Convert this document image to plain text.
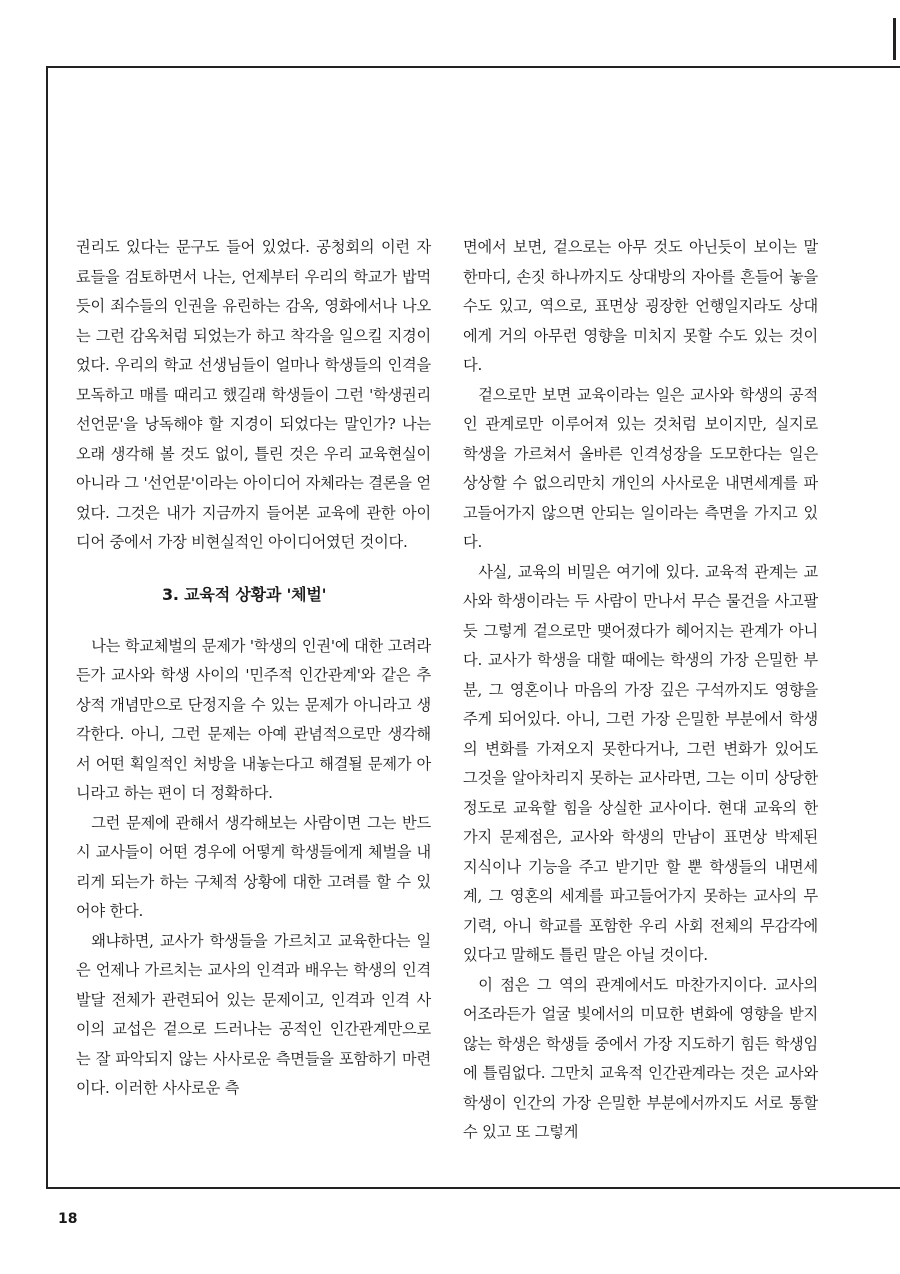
권리도 있다는 문구도 들어 있었다. 공청회의 이런 자료들을 검토하면서 나는, 언제부터 우리의 학교가 밥먹듯이 죄수들의 인권을 유린하는 감옥, 영화에서나 나오는 그런 감옥처럼 되었는가 하고 착각을 일으킬 지경이었다. 우리의 학교 선생님들이 얼마나 학생들의 인격을 모독하고 매를 때리고 했길래 학생들이 그런 '학생권리 선언문'을 낭독해야 할 지경이 되었다는 말인가? 나는 오래 생각해 볼 것도 없이, 틀린 것은 우리 교육현실이 아니라 그 '선언문'이라는 아이디어 자체라는 결론을 얻었다. 그것은 내가 지금까지 들어본 교육에 관한 아이디어 중에서 가장 비현실적인 아이디어였던 것이다.

3. 교육적 상황과 '체벌'

나는 학교체벌의 문제가 '학생의 인권'에 대한 고려라든가 교사와 학생 사이의 '민주적 인간관계'와 같은 추상적 개념만으로 단정지을 수 있는 문제가 아니라고 생각한다. 아니, 그런 문제는 아예 관념적으로만 생각해서 어떤 획일적인 처방을 내놓는다고 해결될 문제가 아니라고 하는 편이 더 정확하다.

그런 문제에 관해서 생각해보는 사람이면 그는 반드시 교사들이 어떤 경우에 어떻게 학생들에게 체벌을 내리게 되는가 하는 구체적 상황에 대한 고려를 할 수 있어야 한다.

왜냐하면, 교사가 학생들을 가르치고 교육한다는 일은 언제나 가르치는 교사의 인격과 배우는 학생의 인격발달 전체가 관련되어 있는 문제이고, 인격과 인격 사이의 교섭은 겉으로 드러나는 공적인 인간관계만으로는 잘 파악되지 않는 사사로운 측면들을 포함하기 마련이다. 이러한 사사로운 측

면에서 보면, 겉으로는 아무 것도 아닌듯이 보이는 말 한마디, 손짓 하나까지도 상대방의 자아를 흔들어 놓을 수도 있고, 역으로, 표면상 굉장한 언행일지라도 상대에게 거의 아무런 영향을 미치지 못할 수도 있는 것이다.

겉으로만 보면 교육이라는 일은 교사와 학생의 공적인 관계로만 이루어져 있는 것처럼 보이지만, 실지로 학생을 가르쳐서 올바른 인격성장을 도모한다는 일은 상상할 수 없으리만치 개인의 사사로운 내면세계를 파고들어가지 않으면 안되는 일이라는 측면을 가지고 있다.

사실, 교육의 비밀은 여기에 있다. 교육적 관계는 교사와 학생이라는 두 사람이 만나서 무슨 물건을 사고팔듯 그렇게 겉으로만 맺어졌다가 헤어지는 관계가 아니다. 교사가 학생을 대할 때에는 학생의 가장 은밀한 부분, 그 영혼이나 마음의 가장 깊은 구석까지도 영향을 주게 되어있다. 아니, 그런 가장 은밀한 부분에서 학생의 변화를 가져오지 못한다거나, 그런 변화가 있어도 그것을 알아차리지 못하는 교사라면, 그는 이미 상당한 정도로 교육할 힘을 상실한 교사이다. 현대 교육의 한 가지 문제점은, 교사와 학생의 만남이 표면상 박제된 지식이나 기능을 주고 받기만 할 뿐 학생들의 내면세계, 그 영혼의 세계를 파고들어가지 못하는 교사의 무기력, 아니 학교를 포함한 우리 사회 전체의 무감각에 있다고 말해도 틀린 말은 아닐 것이다.

이 점은 그 역의 관계에서도 마찬가지이다. 교사의 어조라든가 얼굴 빛에서의 미묘한 변화에 영향을 받지 않는 학생은 학생들 중에서 가장 지도하기 힘든 학생임에 틀림없다. 그만치 교육적 인간관계라는 것은 교사와 학생이 인간의 가장 은밀한 부분에서까지도 서로 통할 수 있고 또 그렇게

18
